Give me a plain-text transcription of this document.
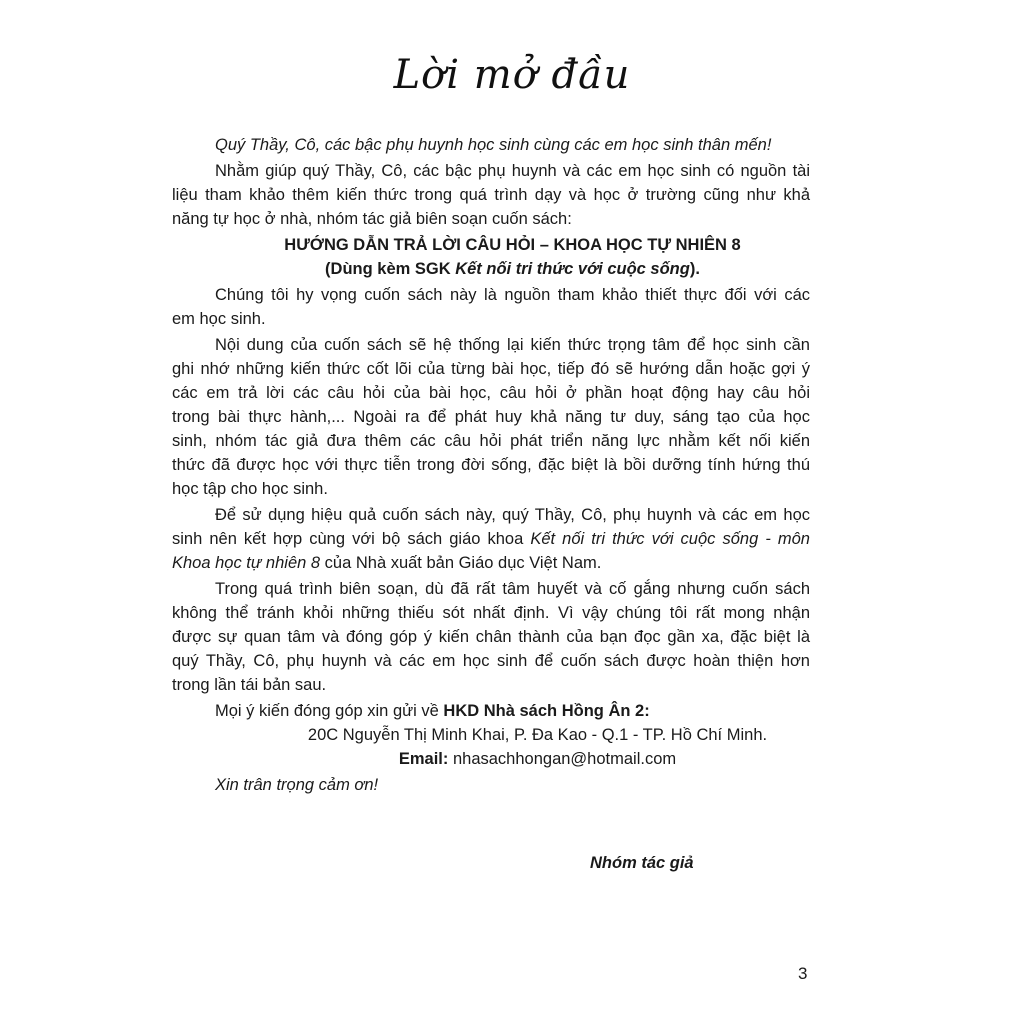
Lời mở đầu
Quý Thầy, Cô, các bậc phụ huynh học sinh cùng các em học sinh thân mến!
Nhằm giúp quý Thầy, Cô, các bậc phụ huynh và các em học sinh có nguồn tài
liệu tham khảo thêm kiến thức trong quá trình dạy và học ở trường cũng như khả
năng tự học ở nhà, nhóm tác giả biên soạn cuốn sách:
HƯỚNG DẪN TRẢ LỜI CÂU HỎI – KHOA HỌC TỰ NHIÊN 8
(Dùng kèm SGK Kết nối tri thức với cuộc sống).
Chúng tôi hy vọng cuốn sách này là nguồn tham khảo thiết thực đối với các
em học sinh.
Nội dung của cuốn sách sẽ hệ thống lại kiến thức trọng tâm để học sinh cần
ghi nhớ những kiến thức cốt lõi của từng bài học, tiếp đó sẽ hướng dẫn hoặc gợi ý
các em trả lời các câu hỏi của bài học, câu hỏi ở phần hoạt động hay câu hỏi
trong bài thực hành,... Ngoài ra để phát huy khả năng tư duy, sáng tạo của học
sinh, nhóm tác giả đưa thêm các câu hỏi phát triển năng lực nhằm kết nối kiến
thức đã được học với thực tiễn trong đời sống, đặc biệt là bồi dưỡng tính hứng thú
học tập cho học sinh.
Để sử dụng hiệu quả cuốn sách này, quý Thầy, Cô, phụ huynh và các em học
sinh nên kết hợp cùng với bộ sách giáo khoa Kết nối tri thức với cuộc sống - môn
Khoa học tự nhiên 8 của Nhà xuất bản Giáo dục Việt Nam.
Trong quá trình biên soạn, dù đã rất tâm huyết và cố gắng nhưng cuốn sách
không thể tránh khỏi những thiếu sót nhất định. Vì vậy chúng tôi rất mong nhận
được sự quan tâm và đóng góp ý kiến chân thành của bạn đọc gần xa, đặc biệt là
quý Thầy, Cô, phụ huynh và các em học sinh để cuốn sách được hoàn thiện hơn
trong lần tái bản sau.
Mọi ý kiến đóng góp xin gửi về HKD Nhà sách Hồng Ân 2:
20C Nguyễn Thị Minh Khai, P. Đa Kao - Q.1 - TP. Hồ Chí Minh.
Email: nhasachhongan@hotmail.com
Xin trân trọng cảm ơn!
Nhóm tác giả
3
